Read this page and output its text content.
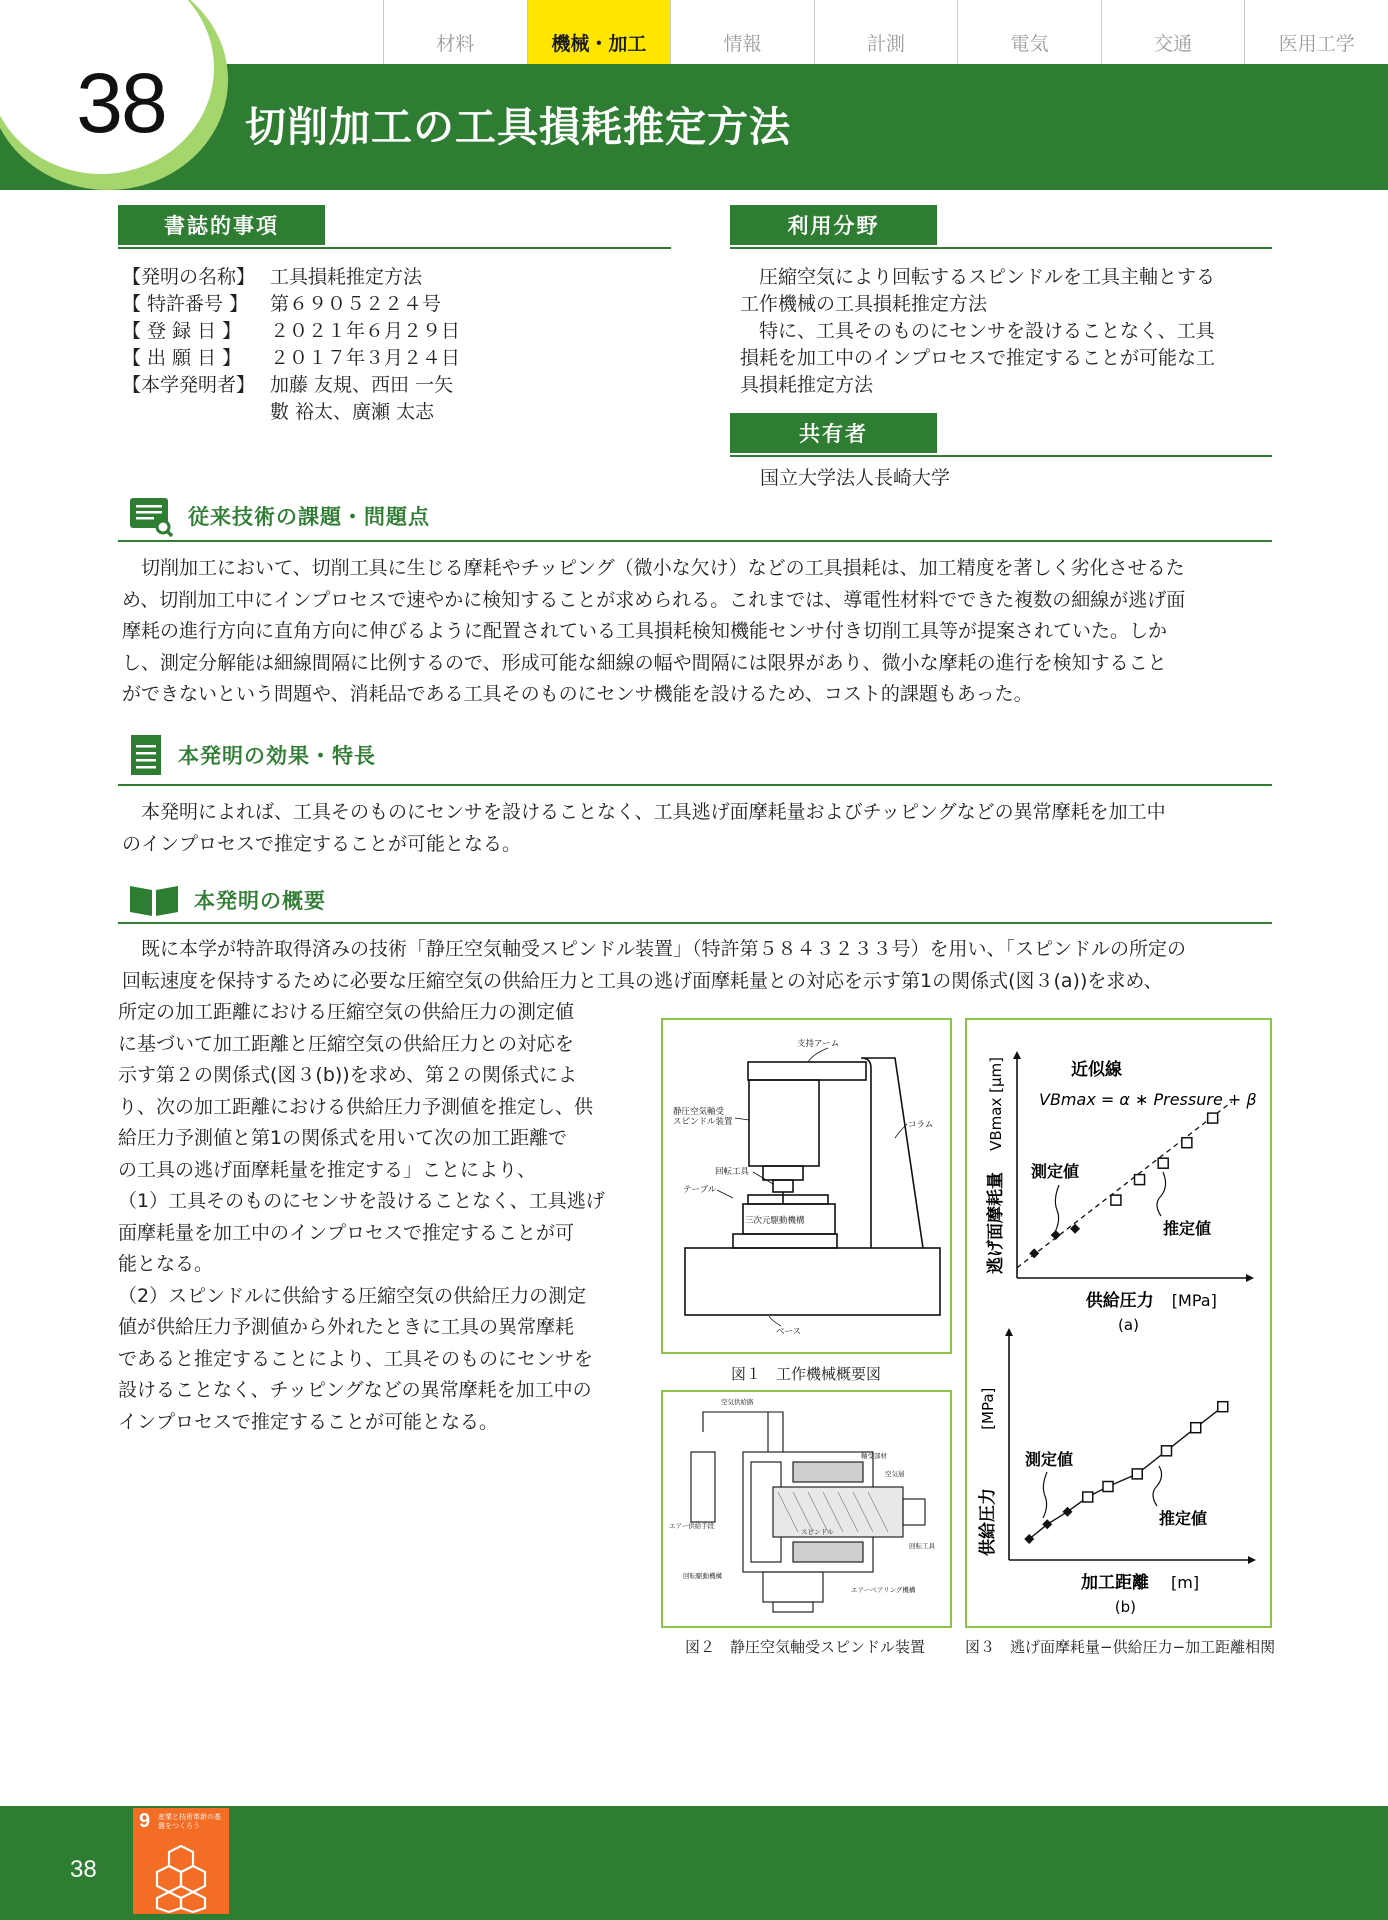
材料	機械・加工	情報	計測	電気	交通	医用工学
38 切削加工の工具損耗推定方法
書誌的事項
【発明の名称】 工具損耗推定方法
【 特許番号 】	第６９０５２２４号
【 登 録 日 】	２０２１年６月２９日
【 出 願 日 】	２０１７年３月２４日
【本学発明者】 加藤 友規、西田 一矢
數 裕太、廣瀬 太志
利用分野
　圧縮空気により回転するスピンドルを工具主軸とする
工作機械の工具損耗推定方法
　特に、工具そのものにセンサを設けることなく、工具
損耗を加工中のインプロセスで推定することが可能な工
具損耗推定方法
共有者
国立大学法人長崎大学
従来技術の課題・問題点
　切削加工において、切削工具に生じる摩耗やチッピング（微小な欠け）などの工具損耗は、加工精度を著しく劣化させるた
め、切削加工中にインプロセスで速やかに検知することが求められる。これまでは、導電性材料でできた複数の細線が逃げ面
摩耗の進行方向に直角方向に伸びるように配置されている工具損耗検知機能センサ付き切削工具等が提案されていた。しか
し、測定分解能は細線間隔に比例するので、形成可能な細線の幅や間隔には限界があり、微小な摩耗の進行を検知すること
ができないという問題や、消耗品である工具そのものにセンサ機能を設けるため、コスト的課題もあった。
本発明の効果・特長
　本発明によれば、工具そのものにセンサを設けることなく、工具逃げ面摩耗量およびチッピングなどの異常摩耗を加工中
のインプロセスで推定することが可能となる。
本発明の概要
　既に本学が特許取得済みの技術「静圧空気軸受スピンドル装置」（特許第５８４３２３３号）を用い、「スピンドルの所定の
回転速度を保持するために必要な圧縮空気の供給圧力と工具の逃げ面摩耗量との対応を示す第1の関係式(図３(a))を求め、
所定の加工距離における圧縮空気の供給圧力の測定値
に基づいて加工距離と圧縮空気の供給圧力との対応を
示す第２の関係式(図３(b))を求め、第２の関係式によ
り、次の加工距離における供給圧力予測値を推定し、供
給圧力予測値と第1の関係式を用いて次の加工距離で
の工具の逃げ面摩耗量を推定する」ことにより、
（1）工具そのものにセンサを設けることなく、工具逃げ
面摩耗量を加工中のインプロセスで推定することが可
能となる。
（2）スピンドルに供給する圧縮空気の供給圧力の測定
値が供給圧力予測値から外れたときに工具の異常摩耗
であると推定することにより、工具そのものにセンサを
設けることなく、チッピングなどの異常摩耗を加工中の
インプロセスで推定することが可能となる。
支持アーム
静圧空気軸受
スピンドル装置	コラム
回転工具
テーブル
三次元駆動機構
ベース
図１　工作機械概要図
空気供給路
軸受部材
空気層
エアー供給手段
スピンドル
回転工具
回転駆動機構
エアーベアリング機構
図２　静圧空気軸受スピンドル装置
供給圧力 [MPa]
(a)
逃げ面摩耗量
VBmax [μm]	近似線
VBmax = α ∗ Pressure + β
測定値
推定値
加工距離 [m]
(b)
供給圧力
[MPa]
測定値
推定値
図３　逃げ面摩耗量−供給圧力−加工距離相関
38
9 産業と技術革新の基盤をつくろう
